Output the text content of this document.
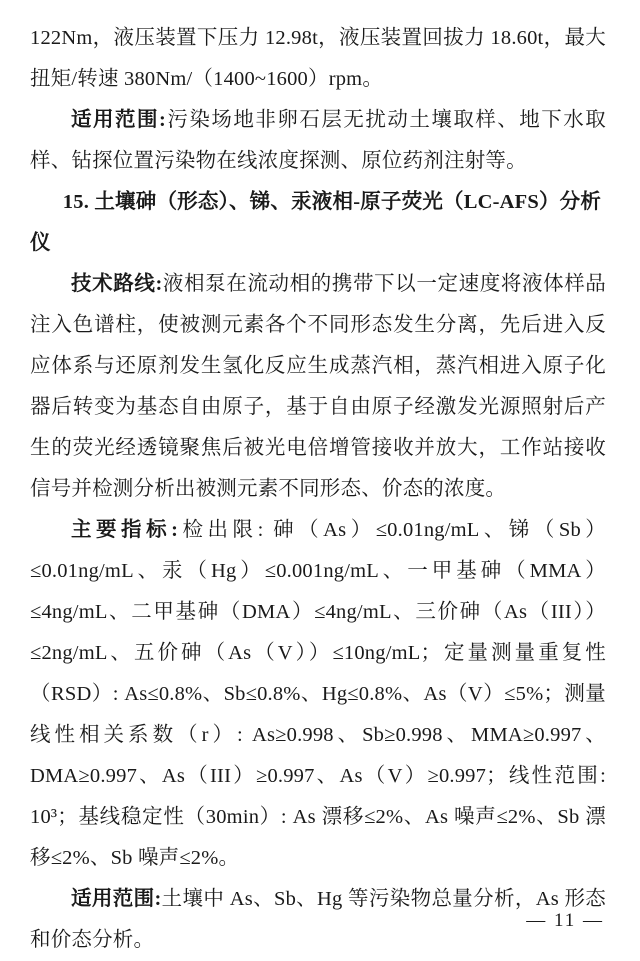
122Nm，液压装置下压力 12.98t，液压装置回拔力 18.60t，最大扭矩/转速 380Nm/（1400~1600）rpm。

适用范围:污染场地非卵石层无扰动土壤取样、地下水取样、钻探位置污染物在线浓度探测、原位药剂注射等。

15. 土壤砷（形态）、锑、汞液相-原子荧光（LC-AFS）分析仪

技术路线:液相泵在流动相的携带下以一定速度将液体样品注入色谱柱，使被测元素各个不同形态发生分离，先后进入反应体系与还原剂发生氢化反应生成蒸汽相，蒸汽相进入原子化器后转变为基态自由原子，基于自由原子经激发光源照射后产生的荧光经透镜聚焦后被光电倍增管接收并放大，工作站接收信号并检测分析出被测元素不同形态、价态的浓度。

主要指标:检出限: 砷（As）≤0.01ng/mL、锑（Sb）≤0.01ng/mL、汞（Hg）≤0.001ng/mL、一甲基砷（MMA）≤4ng/mL、二甲基砷（DMA）≤4ng/mL、三价砷（As（III））≤2ng/mL、五价砷（As（V））≤10ng/mL；定量测量重复性（RSD）: As≤0.8%、Sb≤0.8%、Hg≤0.8%、As（V）≤5%；测量线性相关系数（r）: As≥0.998、Sb≥0.998、MMA≥0.997、DMA≥0.997、As（III）≥0.997、As（V）≥0.997；线性范围: 10³；基线稳定性（30min）: As 漂移≤2%、As 噪声≤2%、Sb 漂移≤2%、Sb 噪声≤2%。

适用范围:土壤中 As、Sb、Hg 等污染物总量分析，As 形态和价态分析。

— 11 —
